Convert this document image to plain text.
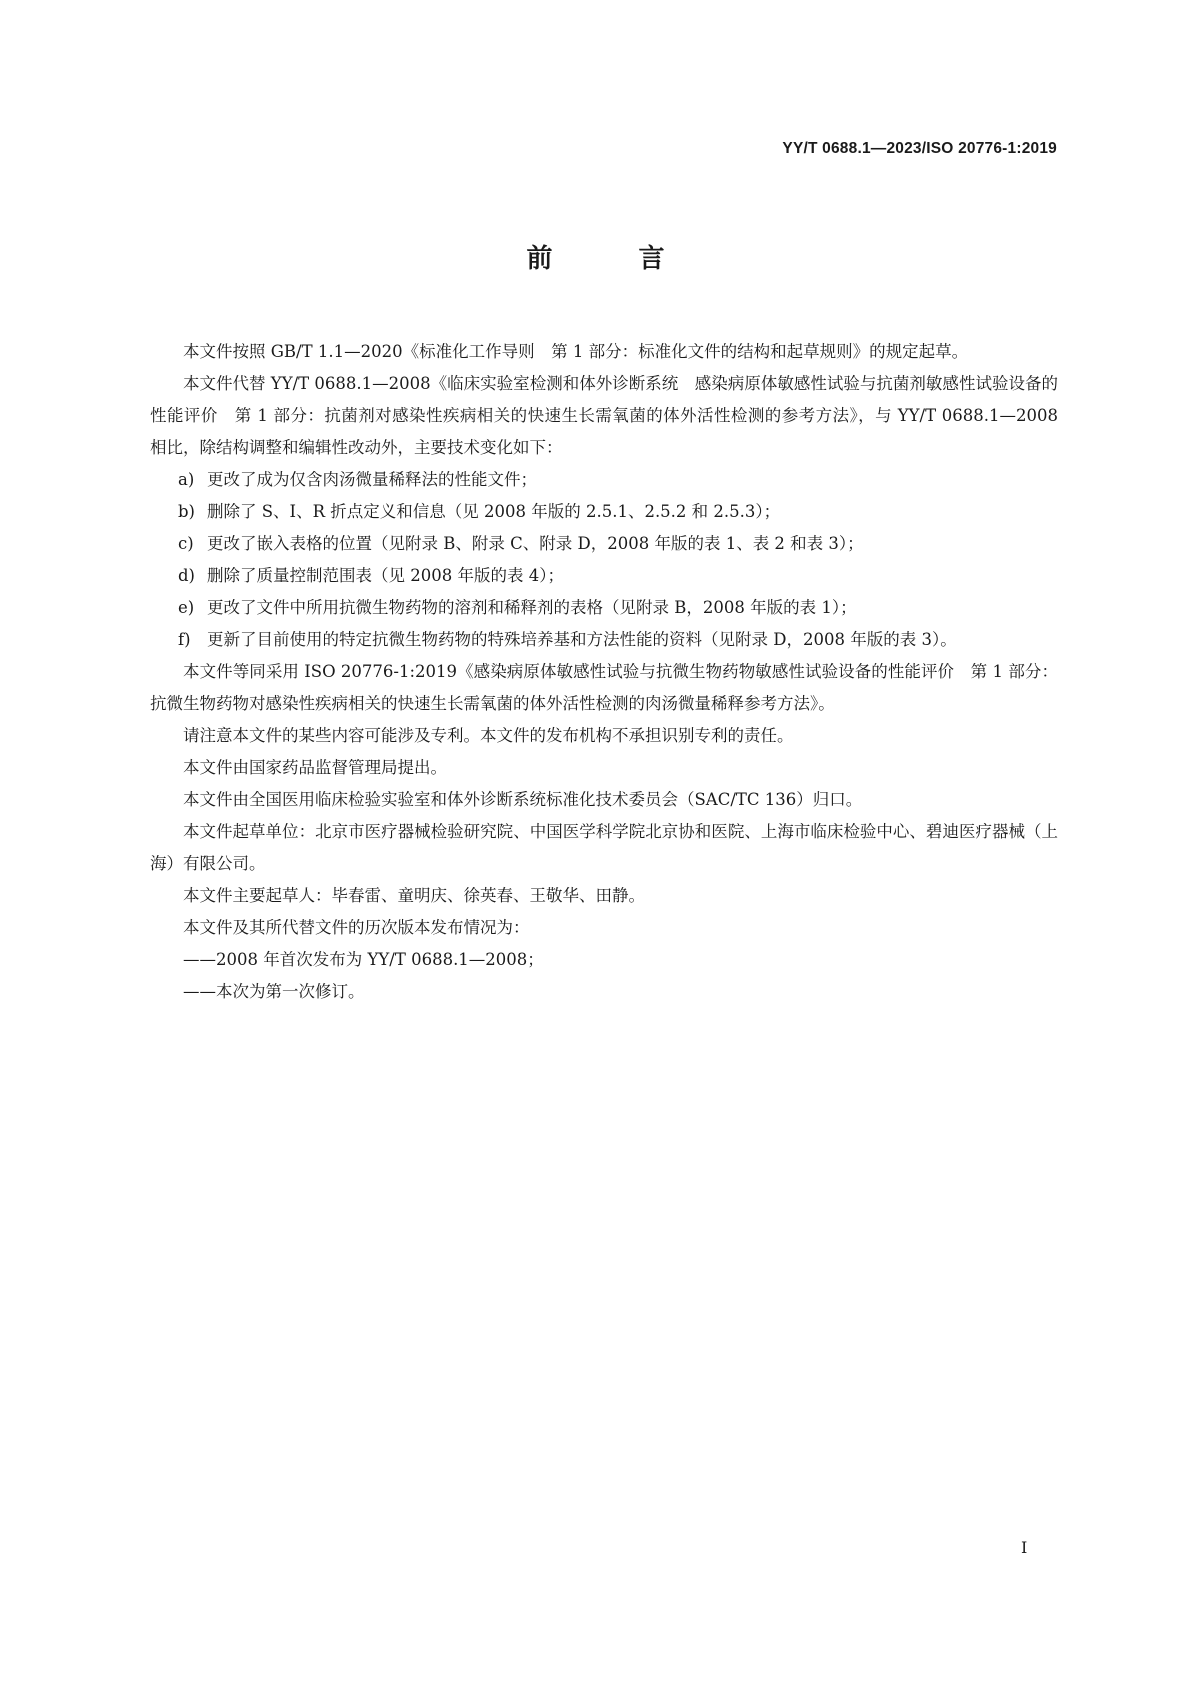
YY/T 0688.1—2023/ISO 20776-1:2019
前　言

本文件按照 GB/T 1.1—2020《标准化工作导则　第 1 部分：标准化文件的结构和起草规则》的规定起草。

本文件代替 YY/T 0688.1—2008《临床实验室检测和体外诊断系统　感染病原体敏感性试验与抗菌剂敏感性试验设备的性能评价　第 1 部分：抗菌剂对感染性疾病相关的快速生长需氧菌的体外活性检测的参考方法》，与 YY/T 0688.1—2008 相比，除结构调整和编辑性改动外，主要技术变化如下：

a) 更改了成为仅含肉汤微量稀释法的性能文件；
b) 删除了 S、I、R 折点定义和信息（见 2008 年版的 2.5.1、2.5.2 和 2.5.3）；
c) 更改了嵌入表格的位置（见附录 B、附录 C、附录 D，2008 年版的表 1、表 2 和表 3）；
d) 删除了质量控制范围表（见 2008 年版的表 4）；
e) 更改了文件中所用抗微生物药物的溶剂和稀释剂的表格（见附录 B，2008 年版的表 1）；
f) 更新了目前使用的特定抗微生物药物的特殊培养基和方法性能的资料（见附录 D，2008 年版的表 3）。

本文件等同采用 ISO 20776-1:2019《感染病原体敏感性试验与抗微生物药物敏感性试验设备的性能评价　第 1 部分：抗微生物药物对感染性疾病相关的快速生长需氧菌的体外活性检测的肉汤微量稀释参考方法》。

请注意本文件的某些内容可能涉及专利。本文件的发布机构不承担识别专利的责任。

本文件由国家药品监督管理局提出。

本文件由全国医用临床检验实验室和体外诊断系统标准化技术委员会（SAC/TC 136）归口。

本文件起草单位：北京市医疗器械检验研究院、中国医学科学院北京协和医院、上海市临床检验中心、碧迪医疗器械（上海）有限公司。

本文件主要起草人：毕春雷、童明庆、徐英春、王敬华、田静。

本文件及其所代替文件的历次版本发布情况为：

——2008 年首次发布为 YY/T 0688.1—2008；

——本次为第一次修订。

I
